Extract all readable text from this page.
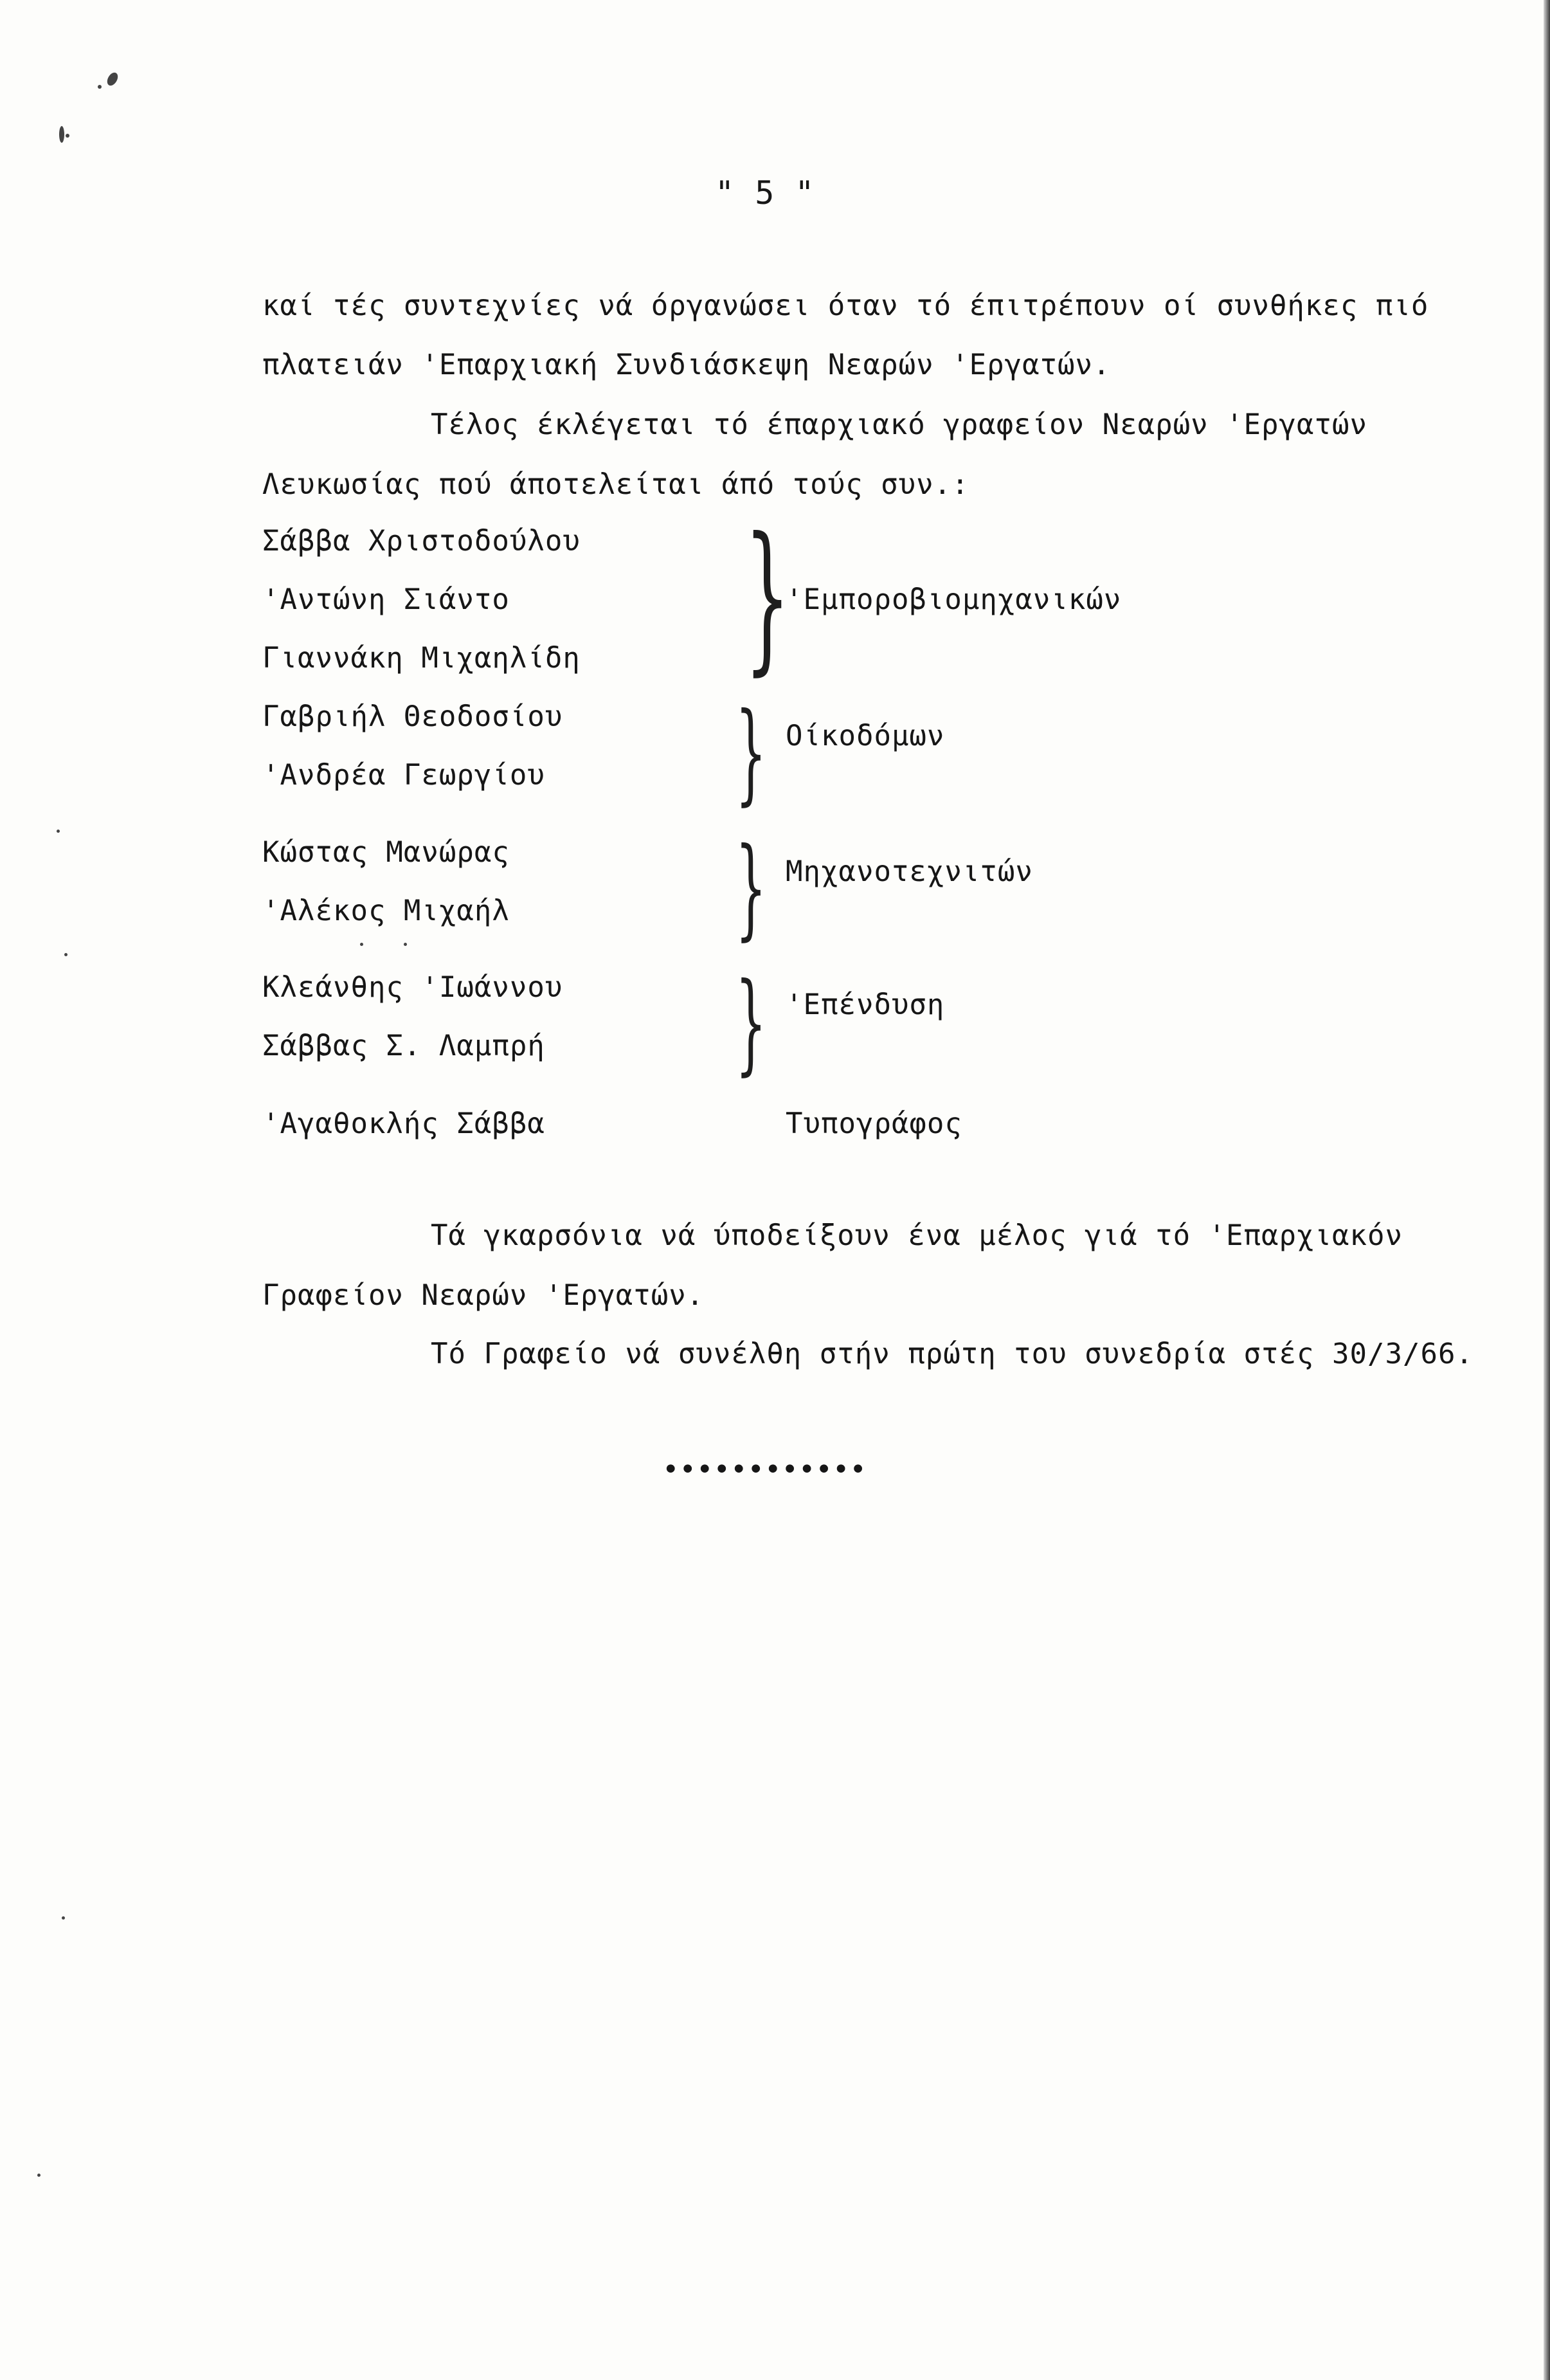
" 5 "
καί τές συντεχνίες νά όργανώσει όταν τό έπιτρέπουν οί συνθήκες πιό
πλατειάν 'Επαρχιακή Συνδιάσκεψη Νεαρών 'Εργατών.
Τέλος έκλέγεται τό έπαρχιακό γραφείον Νεαρών 'Εργατών
Λευκωσίας πού άποτελείται άπό τούς συν.:
Σάββα Χριστοδούλου
'Αντώνη Σιάντο
Γιαννάκη Μιχαηλίδη }
'Εμποροβιομηχανικών
Γαβριήλ Θεοδοσίου
'Ανδρέα Γεωργίου } Οίκοδόμων
Κώστας Μανώρας
'Αλέκος Μιχαήλ } Μηχανοτεχνιτών
Κλεάνθης 'Ιωάννου
Σάββας Σ. Λαμπρή } 'Επένδυση
'Αγαθοκλής Σάββα	Τυπογράφος
Τά γκαρσόνια νά ύποδείξουν ένα μέλος γιά τό 'Επαρχιακόν
Γραφείον Νεαρών 'Εργατών.
Τό Γραφείο νά συνέλθη στήν πρώτη του συνεδρία στές 30/3/66.
••••••••••••
